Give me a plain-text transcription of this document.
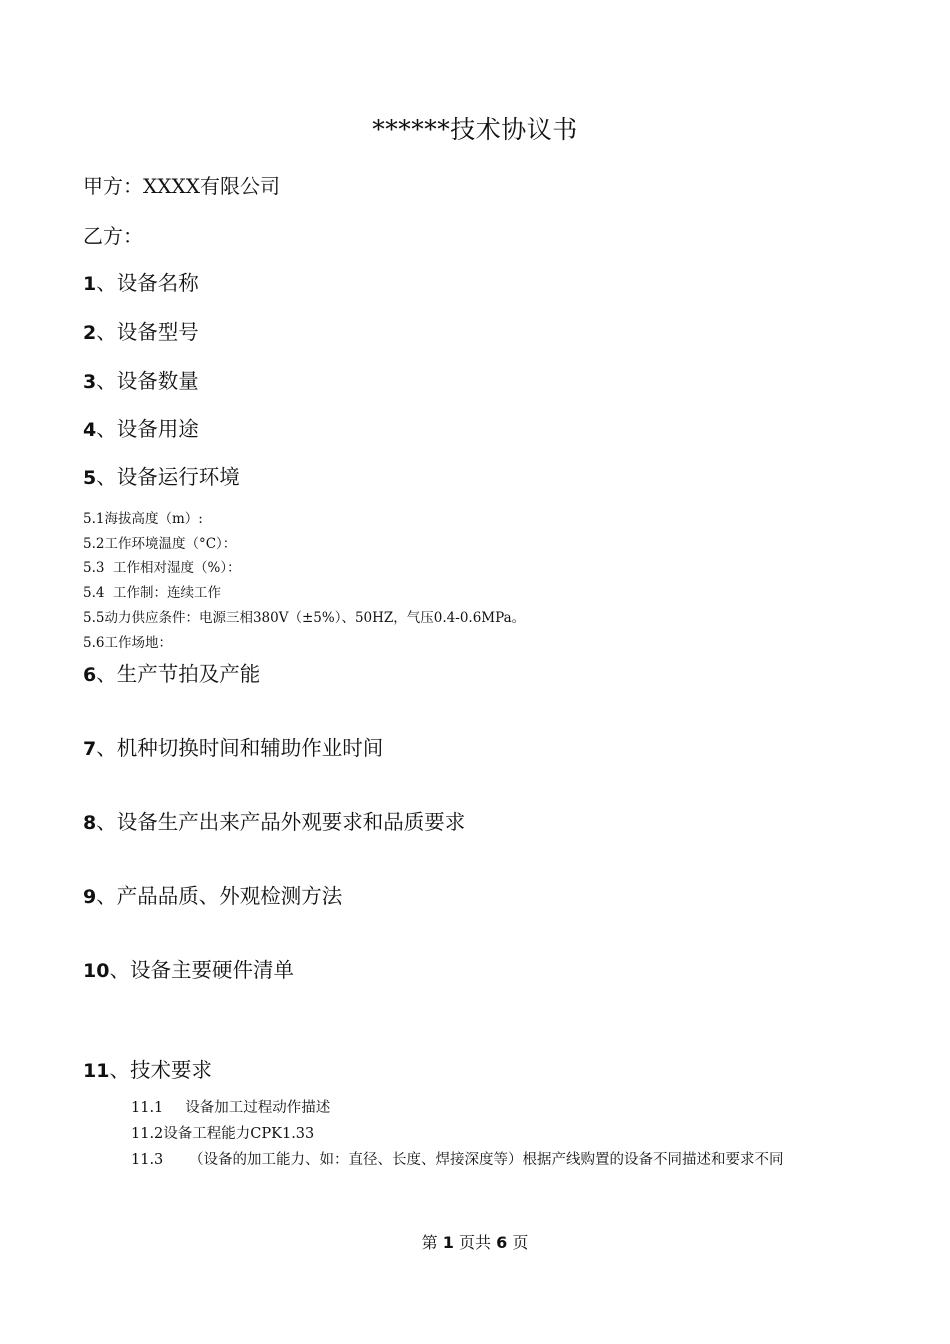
******技术协议书
甲方：XXXX有限公司
乙方：
1、设备名称
2、设备型号
3、设备数量
4、设备用途
5、设备运行环境
5.1海拔高度（m）:
5.2工作环境温度（°C）：
5.3  工作相对湿度（%）：
5.4  工作制：连续工作
5.5动力供应条件：电源三相380V（±5%）、50HZ，气压0.4-0.6MPa。
5.6工作场地：
6、生产节拍及产能
7、机种切换时间和辅助作业时间
8、设备生产出来产品外观要求和品质要求
9、产品品质、外观检测方法
10、设备主要硬件清单
11、技术要求
11.1 设备加工过程动作描述
11.2设备工程能力CPK1.33
11.3	（设备的加工能力、如：直径、长度、焊接深度等）根据产线购置的设备不同描述和要求不同
第 1 页共 6 页
